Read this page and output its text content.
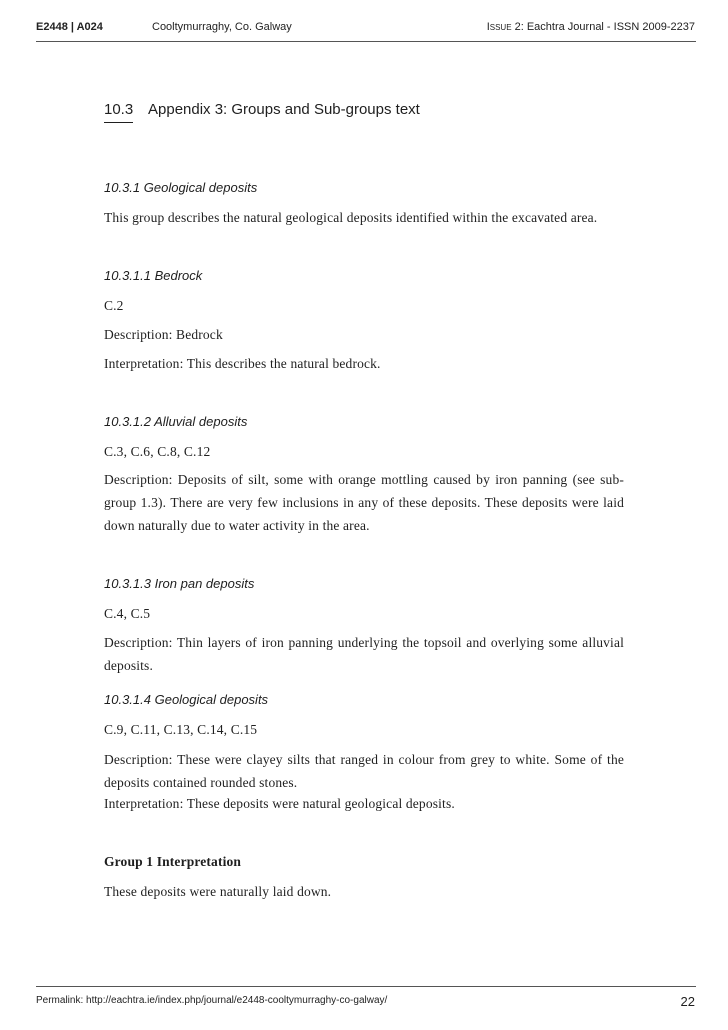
E2448 | A024	Cooltymurraghy, Co. Galway	Issue 2: Eachtra Journal - ISSN 2009-2237
10.3 Appendix 3: Groups and Sub-groups text
10.3.1 Geological deposits
This group describes the natural geological deposits identified within the excavated area.
10.3.1.1 Bedrock
C.2
Description: Bedrock
Interpretation: This describes the natural bedrock.
10.3.1.2 Alluvial deposits
C.3, C.6, C.8, C.12
Description: Deposits of silt, some with orange mottling caused by iron panning (see sub-group 1.3). There are very few inclusions in any of these deposits. These deposits were laid down naturally due to water activity in the area.
10.3.1.3 Iron pan deposits
C.4, C.5
Description: Thin layers of iron panning underlying the topsoil and overlying some alluvial deposits.
10.3.1.4 Geological deposits
C.9, C.11, C.13, C.14, C.15
Description: These were clayey silts that ranged in colour from grey to white. Some of the deposits contained rounded stones.
Interpretation: These deposits were natural geological deposits.
Group 1 Interpretation
These deposits were naturally laid down.
Permalink: http://eachtra.ie/index.php/journal/e2448-cooltymurraghy-co-galway/	22
